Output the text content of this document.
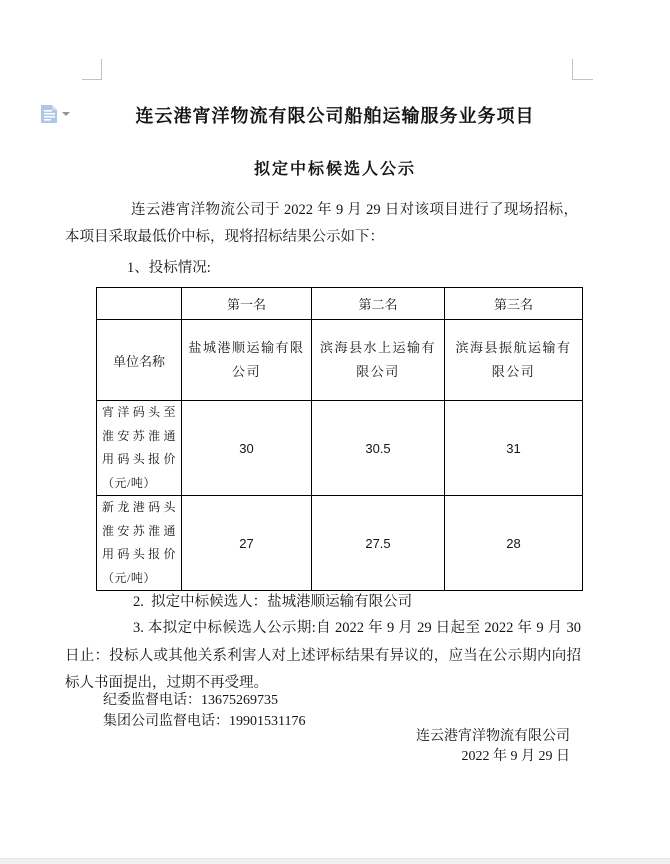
连云港宵洋物流有限公司船舶运输服务业务项目
拟定中标候选人公示
连云港宵洋物流公司于 2022 年 9 月 29 日对该项目进行了现场招标，本项目采取最低价中标，现将招标结果公示如下：
1、投标情况:
	第一名	第二名	第三名
单位名称	盐城港顺运输有限公司	滨海县水上运输有限公司	滨海县振航运输有限公司
宵洋码头至淮安苏淮通用码头报价（元/吨）	30	30.5	31
新龙港码头淮安苏淮通用码头报价（元/吨）	27	27.5	28
2.  拟定中标候选人：盐城港顺运输有限公司
3. 本拟定中标候选人公示期:自 2022 年 9 月 29 日起至 2022 年 9 月 30 日止：投标人或其他关系利害人对上述评标结果有异议的，应当在公示期内向招标人书面提出，过期不再受理。
纪委监督电话：13675269735
集团公司监督电话：19901531176
连云港宵洋物流有限公司
2022 年 9 月 29 日
